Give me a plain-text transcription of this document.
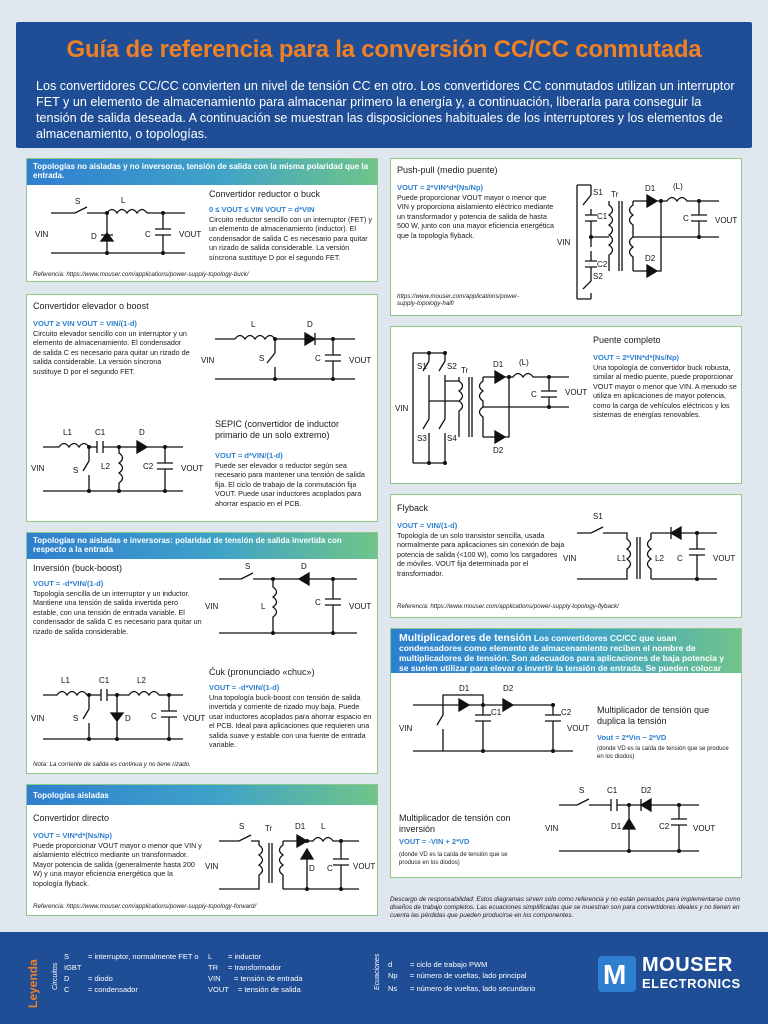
Guía de referencia para la conversión CC/CC conmutada

Los convertidores CC/CC convierten un nivel de tensión CC en otro. Los convertidores CC conmutados utilizan un interruptor FET y un elemento de almacenamiento para almacenar primero la energía y, a continuación, liberarla para conseguir la tensión de salida deseada. A continuación se muestran las disposiciones habituales de los interruptores y los elementos de almacenamiento, o topologías.

Topologías no aisladas y no inversoras, tensión de salida con la misma polaridad que la entrada.
Convertidor reductor o buck
0 ≤ VOUT ≤ VIN VOUT = d*VIN
Circuito reductor sencillo con un interruptor (FET) y un elemento de almacenamiento (inductor). El condensador de salida C es necesario para quitar un rizado de salida considerable. La versión síncrona sustituye D por el segundo FET.
Referencia: https://www.mouser.com/applications/power-supply-topology-buck/
S	L
D	C
VIN	VOUT
Convertidor elevador o boost
VOUT ≥ VIN VOUT = VIN/(1-d)
Circuito elevador sencillo con un interruptor y un elemento de almacenamiento. El condensador de salida C es necesario para quitar un rizado de salida considerable. La versión síncrona sustituye D por el segundo FET.
L	D
S	C
VIN	VOUT
SEPIC (convertidor de inductor primario de un solo extremo)
VOUT = d*VIN/(1-d)
Puede ser elevador o reductor según sea necesario para mantener una tensión de salida fija. El ciclo de trabajo de la conmutación fija VOUT. Puede usar inductores acoplados para ahorrar espacio en el PCB.
L1	C1	D
S	L2	C2
VIN	VOUT
Topologías no aisladas e inversoras: polaridad de tensión de salida invertida con respecto a la entrada
Inversión (buck-boost)
VOUT = -d*VIN/(1-d)
Topología sencilla de un interruptor y un inductor. Mantiene una tensión de salida invertida pero estable, con una tensión de entrada variable. El condensador de salida C es necesario para quitar un rizado de salida considerable.
S	D
L	C
VIN	VOUT
Ćuk (pronunciado «chuc»)
VOUT = -d*VIN/(1-d)
Una topología buck-boost con tensión de salida invertida y corriente de rizado muy baja. Puede usar inductores acoplados para ahorrar espacio en el PCB. Ideal para aplicaciones que requieren una salida suave y estable con una fuente de entrada variable.
Nota: La corriente de salida es continua y no tiene rizado.
L1	C1	L2
S	D	C
VIN	VOUT
Topologías aisladas
Convertidor directo
VOUT = VIN*d*(Ns/Np)
Puede proporcionar VOUT mayor o menor que VIN y aislamiento eléctrico mediante un transformador. Mayor potencia de salida (generalmente hasta 200 W) y una mayor eficiencia energética que la topología flyback.
Referencia: https://www.mouser.com/applications/power-supply-topology-forward/
S	Tr	D1 L
D C
VIN	VOUT
Push-pull (medio puente)
VOUT = 2*VIN*d*(Ns/Np)
Puede proporcionar VOUT mayor o menor que VIN y proporciona aislamiento eléctrico mediante un transformador y potencia de salida de hasta 500 W, junto con una mayor eficiencia energética que la topología flyback.
https://www.mouser.com/applications/power-supply-topology-half/
S1
C1
Tr
D1 (L)
C
D2
S2
C2
VIN
VOUT
Puente completo
VOUT = 2*VIN*d*(Ns/Np)
Una topología de convertidor buck robusta, similar al medio puente, puede proporcionar VOUT mayor o menor que VIN. A menudo se utiliza en aplicaciones de mayor potencia, como la carga de vehículos eléctricos y los sistemas de energías renovables.
S1	S2
S3	S4
Tr
D1 (L)
C
D2
VIN
VOUT
Flyback
VOUT = VIN/(1-d)
Topología de un solo transistor sencilla, usada normalmente para aplicaciones sin conexión de baja potencia de salida (<100 W), como los cargadores de móviles. VOUT fija determinada por el transformador.
Referencia: https://www.mouser.com/applications/power-supply-topology-flyback/
S1
L1	L2 C
VIN	VOUT
Multiplicadores de tensión Los convertidores CC/CC que usan condensadores como elemento de almacenamiento reciben el nombre de multiplicadores de tensión. Son adecuados para aplicaciones de baja potencia y se suelen utilizar para elevar o invertir la tensión de entrada. Se pueden colocar en cascada para obtener múltiplos pares o fracciones.
Multiplicador de tensión que duplica la tensión
Vout = 2*Vin − 2*VD
(donde VD es la caída de tensión que se produce en los diodos)
D1	D2
C1	C2
VIN	VOUT
Multiplicador de tensión con inversión
VOUT = -VIN + 2*VD
(donde VD es la caída de tensión que se produce en los diodos)
S	C1	D2
D1	C2
VIN	VOUT
Descargo de responsabilidad: Estos diagramas sirven solo como referencia y no están pensados para implementarse como diseños de trabajo completos. Las ecuaciones simplificadas que se muestran son para convertidores ideales y no tienen en cuenta las pérdidas que pueden producirse en los componentes.
Leyenda Circuitos	Ecuaciones
S	= interruptor, normalmente FET o
IGBT
D = diodo
C = condensador
L = inductor
TR = transformador
VIN = tensión de entrada
VOUT = tensión de salida
d = ciclo de trabajo PWM
Np = número de vueltas, lado principal
Ns = número de vueltas, lado secundario
M
MOUSER
ELECTRONICS
